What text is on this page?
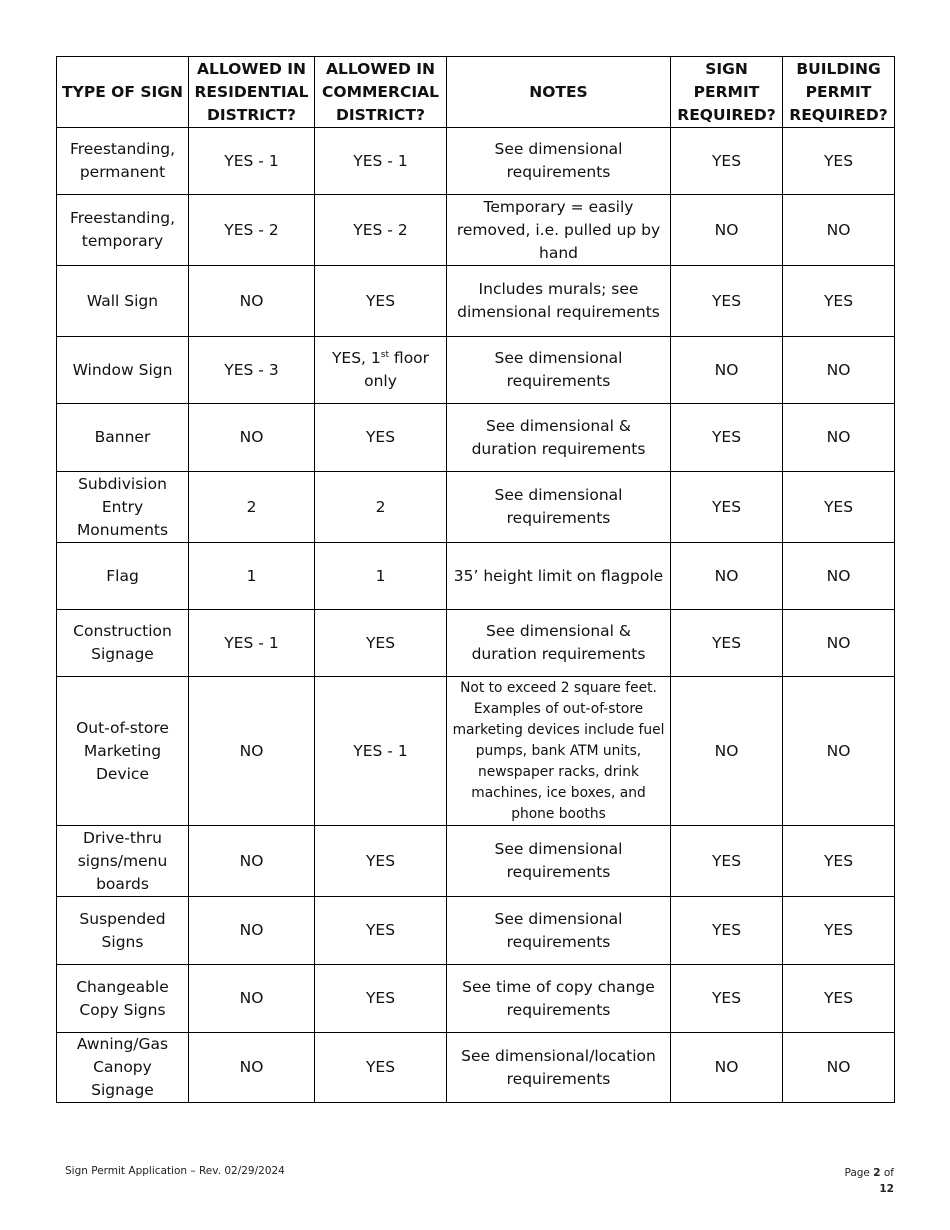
TYPE OF SIGN	ALLOWED IN RESIDENTIAL DISTRICT?	ALLOWED IN COMMERCIAL DISTRICT?	NOTES	SIGN PERMIT REQUIRED?	BUILDING PERMIT REQUIRED?
Freestanding, permanent	YES - 1	YES - 1	See dimensional requirements	YES	YES
Freestanding, temporary	YES - 2	YES - 2	Temporary = easily removed, i.e. pulled up by hand	NO	NO
Wall Sign	NO	YES	Includes murals; see dimensional requirements	YES	YES
Window Sign	YES - 3	YES, 1st floor only	See dimensional requirements	NO	NO
Banner	NO	YES	See dimensional & duration requirements	YES	NO
Subdivision Entry Monuments	2	2	See dimensional requirements	YES	YES
Flag	1	1	35’ height limit on flagpole	NO	NO
Construction Signage	YES - 1	YES	See dimensional & duration requirements	YES	NO
Out-of-store Marketing Device	NO	YES - 1	Not to exceed 2 square feet. Examples of out-of-store marketing devices include fuel pumps, bank ATM units, newspaper racks, drink machines, ice boxes, and phone booths	NO	NO
Drive-thru signs/menu boards	NO	YES	See dimensional requirements	YES	YES
Suspended Signs	NO	YES	See dimensional requirements	YES	YES
Changeable Copy Signs	NO	YES	See time of copy change requirements	YES	YES
Awning/Gas Canopy Signage	NO	YES	See dimensional/location requirements	NO	NO
Sign Permit Application – Rev. 02/29/2024	Page 2 of
12
